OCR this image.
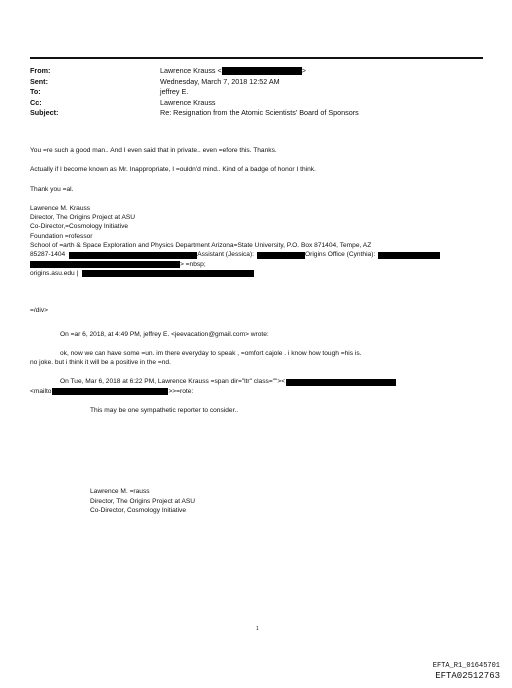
From:	Lawrence Krauss <	>
Sent:	Wednesday, March 7, 2018 12:52 AM
To:	jeffrey E.
Cc:	Lawrence Krauss
Subject:	Re: Resignation from the Atomic Scientists' Board of Sponsors

You =re such a good man.. And I even said that in private.. even =efore this. Thanks.

Actually if I become known as Mr. Inappropriate, I =ouldn'd mind.. Kind of a badge of honor I think.

Thank you =al.

Lawrence M. Krauss

Director, The Origins Project at ASU

Co-Director,=Cosmology Initiative

Foundation =rofessor

School of =arth & Space Exploration and Physics Department Arizona=State University, P.O. Box 871404, Tempe, AZ

85287-1404	Assistant (Jessica):	Origins Office (Cynthia):
> =nbsp;
origins.asu.edu |

=/div>

On =ar 6, 2018, at 4:49 PM, jeffrey E. <jeevacation@gmail.com> wrote:

ok, now we can have some =un. im there everyday to speak , =omfort cajole . i know how tough =his is.

no joke. but i think it will be a positive in the =nd.

On Tue, Mar 6, 2018 at 6:22 PM, Lawrence Krauss =span dir="ltr" class=""><
<mailto	>>=rote:

This may be one sympathetic reporter to consider..

Lawrence M. =rauss

Director, The Origins Project at ASU

Co-Director, Cosmology Initiative

1
EFTA_R1_01645701
EFTA02512763
